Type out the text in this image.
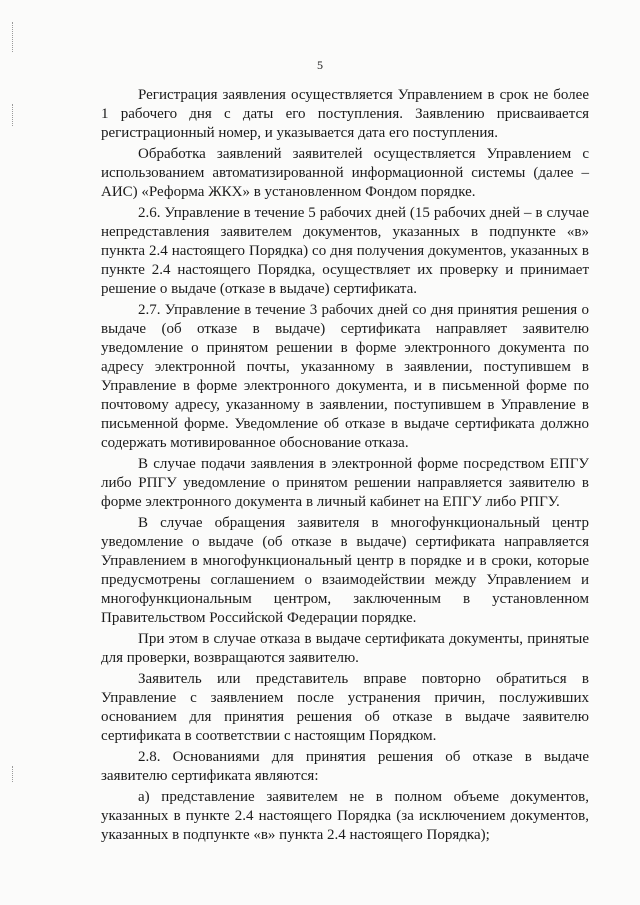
5

Регистрация заявления осуществляется Управлением в срок не более 1 рабочего дня с даты его поступления. Заявлению присваивается регистрационный номер, и указывается дата его поступления.

Обработка заявлений заявителей осуществляется Управлением с использованием автоматизированной информационной системы (далее – АИС) «Реформа ЖКХ» в установленном Фондом порядке.

2.6. Управление в течение 5 рабочих дней (15 рабочих дней – в случае непредставления заявителем документов, указанных в подпункте «в» пункта 2.4 настоящего Порядка) со дня получения документов, указанных в пункте 2.4 настоящего Порядка, осуществляет их проверку и принимает решение о выдаче (отказе в выдаче) сертификата.

2.7. Управление в течение 3 рабочих дней со дня принятия решения о выдаче (об отказе в выдаче) сертификата направляет заявителю уведомление о принятом решении в форме электронного документа по адресу электронной почты, указанному в заявлении, поступившем в Управление в форме электронного документа, и в письменной форме по почтовому адресу, указанному в заявлении, поступившем в Управление в письменной форме. Уведомление об отказе в выдаче сертификата должно содержать мотивированное обоснование отказа.

В случае подачи заявления в электронной форме посредством ЕПГУ либо РПГУ уведомление о принятом решении направляется заявителю в форме электронного документа в личный кабинет на ЕПГУ либо РПГУ.

В случае обращения заявителя в многофункциональный центр уведомление о выдаче (об отказе в выдаче) сертификата направляется Управлением в многофункциональный центр в порядке и в сроки, которые предусмотрены соглашением о взаимодействии между Управлением и многофункциональным центром, заключенным в установленном Правительством Российской Федерации порядке.

При этом в случае отказа в выдаче сертификата документы, принятые для проверки, возвращаются заявителю.

Заявитель или представитель вправе повторно обратиться в Управление с заявлением после устранения причин, послуживших основанием для принятия решения об отказе в выдаче заявителю сертификата в соответствии с настоящим Порядком.

2.8. Основаниями для принятия решения об отказе в выдаче заявителю сертификата являются:

а) представление заявителем не в полном объеме документов, указанных в пункте 2.4 настоящего Порядка (за исключением документов, указанных в подпункте «в» пункта 2.4 настоящего Порядка);
